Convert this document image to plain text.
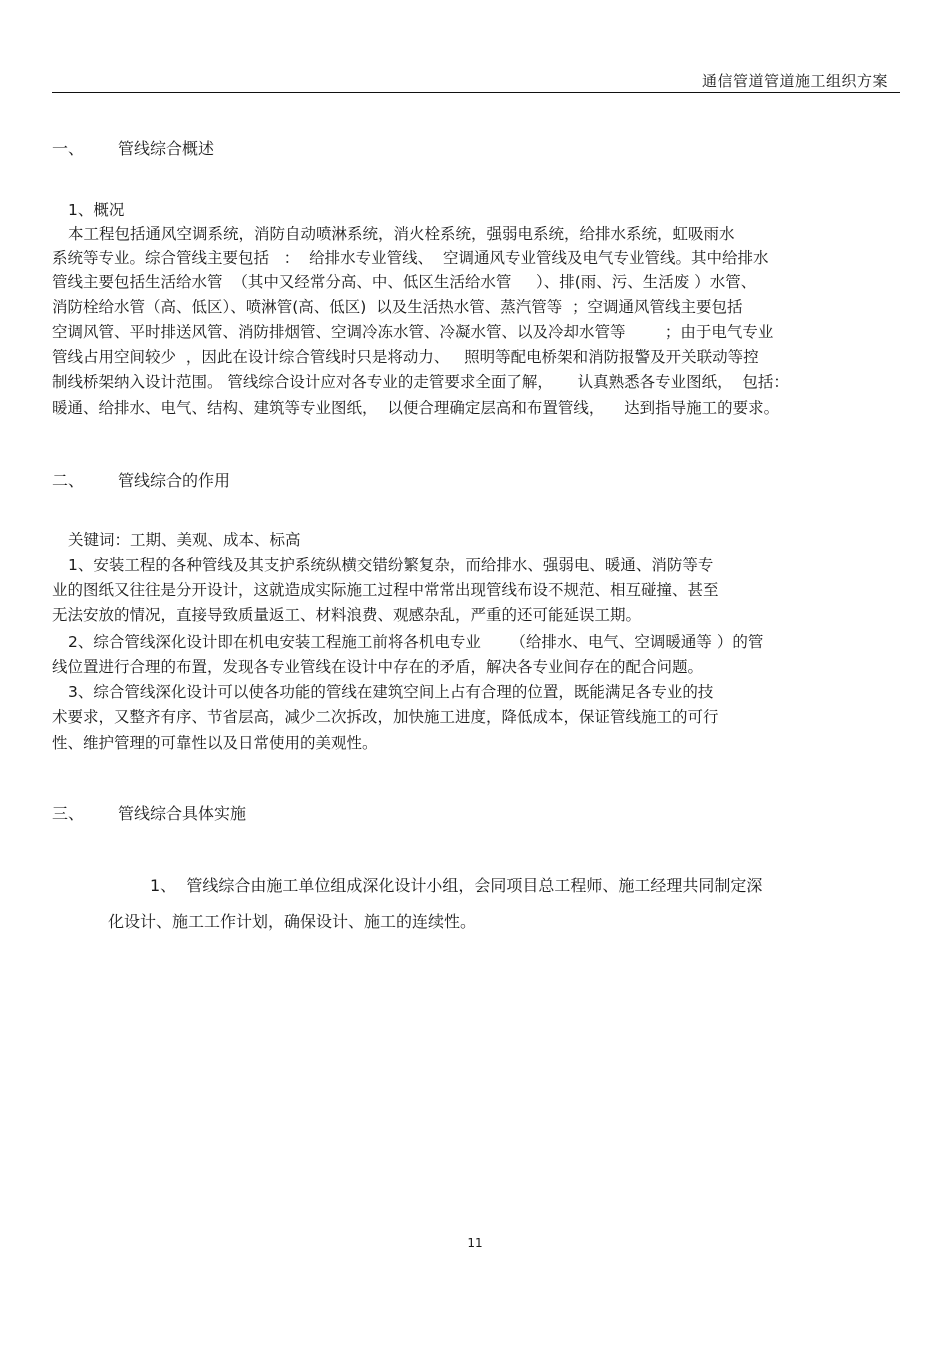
通信管道管道施工组织方案
一、 管线综合概述
1、概况
本工程包括通风空调系统，消防自动喷淋系统，消火栓系统，强弱电系统，给排水系统，虹吸雨水
系统等专业。综合管线主要包括   ：  给排水专业管线、  空调通风专业管线及电气专业管线。其中给排水
管线主要包括生活给水管  （其中又经常分高、中、低区生活给水管     ）、排(雨、污、生活废 ）水管、
消防栓给水管（高、低区）、喷淋管(高、低区)  以及生活热水管、蒸汽管等  ；空调通风管线主要包括
空调风管、平时排送风管、消防排烟管、空调冷冻水管、冷凝水管、以及冷却水管等        ；由于电气专业
管线占用空间较少  ，因此在设计综合管线时只是将动力、   照明等配电桥架和消防报警及开关联动等控
制线桥架纳入设计范围。 管线综合设计应对各专业的走管要求全面了解，     认真熟悉各专业图纸，  包括：
暖通、给排水、电气、结构、建筑等专业图纸，  以便合理确定层高和布置管线，    达到指导施工的要求。
二、 管线综合的作用
关键词：工期、美观、成本、标高
1、安装工程的各种管线及其支护系统纵横交错纷繁复杂，而给排水、强弱电、暖通、消防等专
业的图纸又往往是分开设计，这就造成实际施工过程中常常出现管线布设不规范、相互碰撞、甚至
无法安放的情况，直接导致质量返工、材料浪费、观感杂乱，严重的还可能延误工期。
2、综合管线深化设计即在机电安装工程施工前将各机电专业      （给排水、电气、空调暖通等 ）的管
线位置进行合理的布置，发现各专业管线在设计中存在的矛盾，解决各专业间存在的配合问题。
3、综合管线深化设计可以使各功能的管线在建筑空间上占有合理的位置，既能满足各专业的技
术要求，又整齐有序、节省层高，减少二次拆改，加快施工进度，降低成本，保证管线施工的可行
性、维护管理的可靠性以及日常使用的美观性。
三、 管线综合具体实施
1、  管线综合由施工单位组成深化设计小组，会同项目总工程师、施工经理共同制定深
化设计、施工工作计划，确保设计、施工的连续性。
11
